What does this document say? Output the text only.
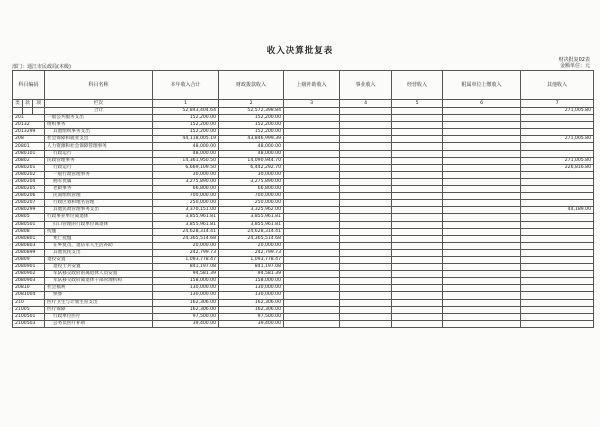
收入决算批复表
财决批复02表
金额单位：元
部门：通江市民政局(本级)
科目编码			科目名称	本年收入合计	财政拨款收入	上级补助收入	事业收入	经营收入	附属单位上缴收入	其他收入
类	款	项	栏次	1	2	3	4	5	6	7
			合计	52,843,404.64	52,572,398.84					271,005.80
201			一般公共服务支出	152,200.00	152,200.00					
20132			组织事务	152,200.00	152,200.00					
2013299			其他组织事务支出	152,200.00	152,200.00					
208			社会保障和就业支出	44,118,005.19	43,846,999.39					271,005.80
20801			人力资源和社会保障管理事务	48,000.00	48,000.00					
2080101			行政运行	48,000.00	48,000.00					
20802			民政管理事务	14,361,950.50	14,090,944.70					271,005.80
2080201			行政运行	6,669,109.50	6,442,292.70					226,816.80
2080202			一般行政管理事务	30,000.00	30,000.00					
2080204			拥军优属	3,275,890.00	3,275,890.00					
2080205			老龄事务	66,800.00	66,800.00					
2080206			民间组织管理	700,000.00	700,000.00					
2080207			行政区划和地名管理	250,000.00	250,000.00					
2080299			其他民政管理事务支出	3,370,151.00	3,325,962.00					44,189.00
20805			行政事业单位离退休	3,855,961.81	3,855,961.81					
2080501			归口管理的行政单位离退休	3,855,961.81	3,855,961.81					
20808			抚恤	24,628,314.41	24,628,314.41					
2080801			死亡抚恤	24,365,514.68	24,365,514.68					
2080803			在乡复员、退伍军人生活补助	20,000.00	20,000.00					
2080899			其他优抚支出	242,799.73	242,799.73					
20809			退役安置	1,093,778.47	1,093,778.47					
2080901			退役士兵安置	841,197.08	841,197.08					
2080902			军队移交政府的离退休人员安置	94,581.39	94,581.39					
2080903			军队移交政府离退休干部管理机构	158,000.00	158,000.00					
20810			社会福利	130,000.00	130,000.00					
2081004			殡葬	130,000.00	130,000.00					
210			医疗卫生与计划生育支出	162,306.00	162,306.00					
21005			医疗保障	162,306.00	162,306.00					
2100501			行政单位医疗	97,500.00	97,500.00					
2100503			公务员医疗补助	39,400.00	39,400.00					
